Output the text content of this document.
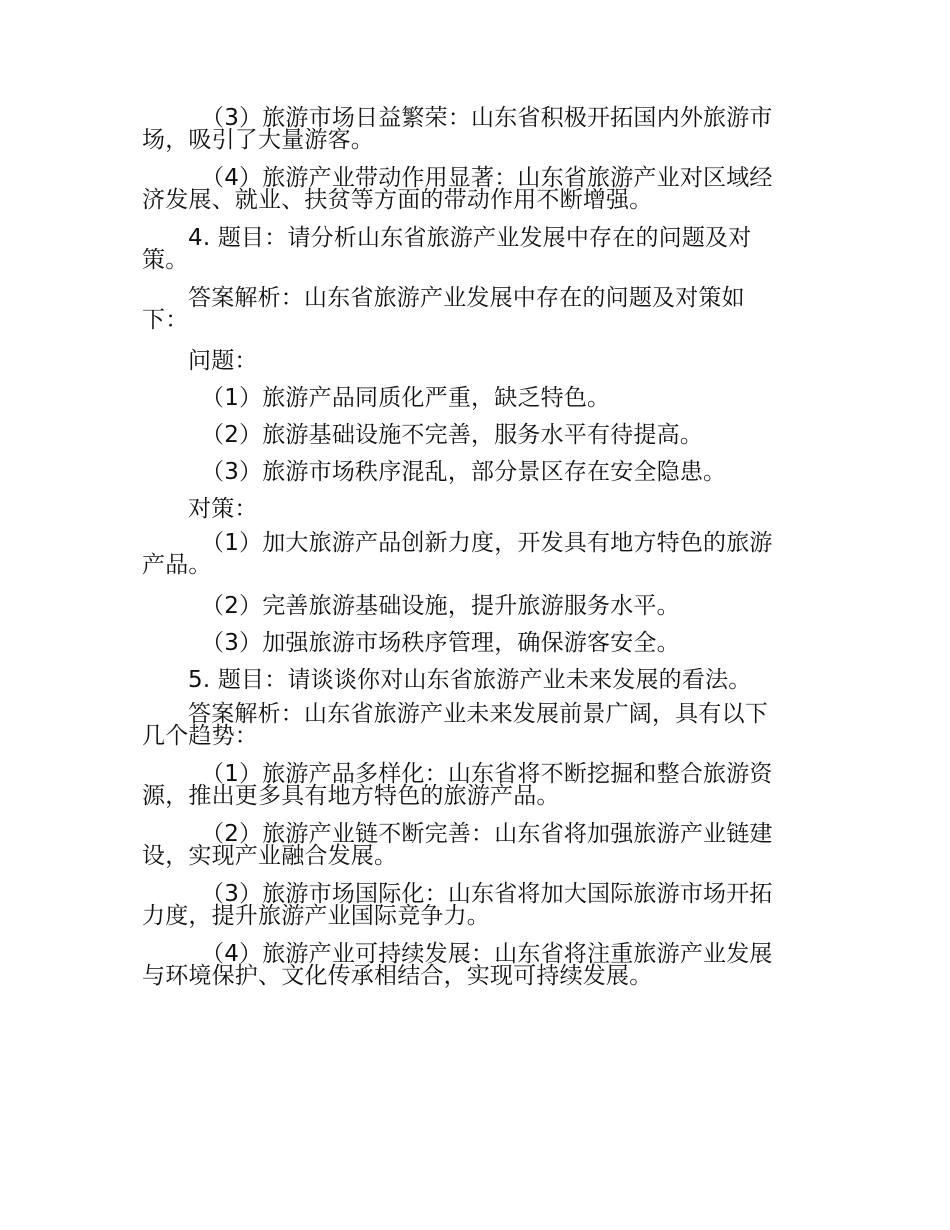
（3）旅游市场日益繁荣：山东省积极开拓国内外旅游市
场，吸引了大量游客。

（4）旅游产业带动作用显著：山东省旅游产业对区域经
济发展、就业、扶贫等方面的带动作用不断增强。

4. 题目：请分析山东省旅游产业发展中存在的问题及对
策。

答案解析：山东省旅游产业发展中存在的问题及对策如
下：

问题：

（1）旅游产品同质化严重，缺乏特色。

（2）旅游基础设施不完善，服务水平有待提高。

（3）旅游市场秩序混乱，部分景区存在安全隐患。

对策：

（1）加大旅游产品创新力度，开发具有地方特色的旅游
产品。

（2）完善旅游基础设施，提升旅游服务水平。

（3）加强旅游市场秩序管理，确保游客安全。

5. 题目：请谈谈你对山东省旅游产业未来发展的看法。

答案解析：山东省旅游产业未来发展前景广阔，具有以下
几个趋势：

（1）旅游产品多样化：山东省将不断挖掘和整合旅游资
源，推出更多具有地方特色的旅游产品。

（2）旅游产业链不断完善：山东省将加强旅游产业链建
设，实现产业融合发展。

（3）旅游市场国际化：山东省将加大国际旅游市场开拓
力度，提升旅游产业国际竞争力。

（4）旅游产业可持续发展：山东省将注重旅游产业发展
与环境保护、文化传承相结合，实现可持续发展。
